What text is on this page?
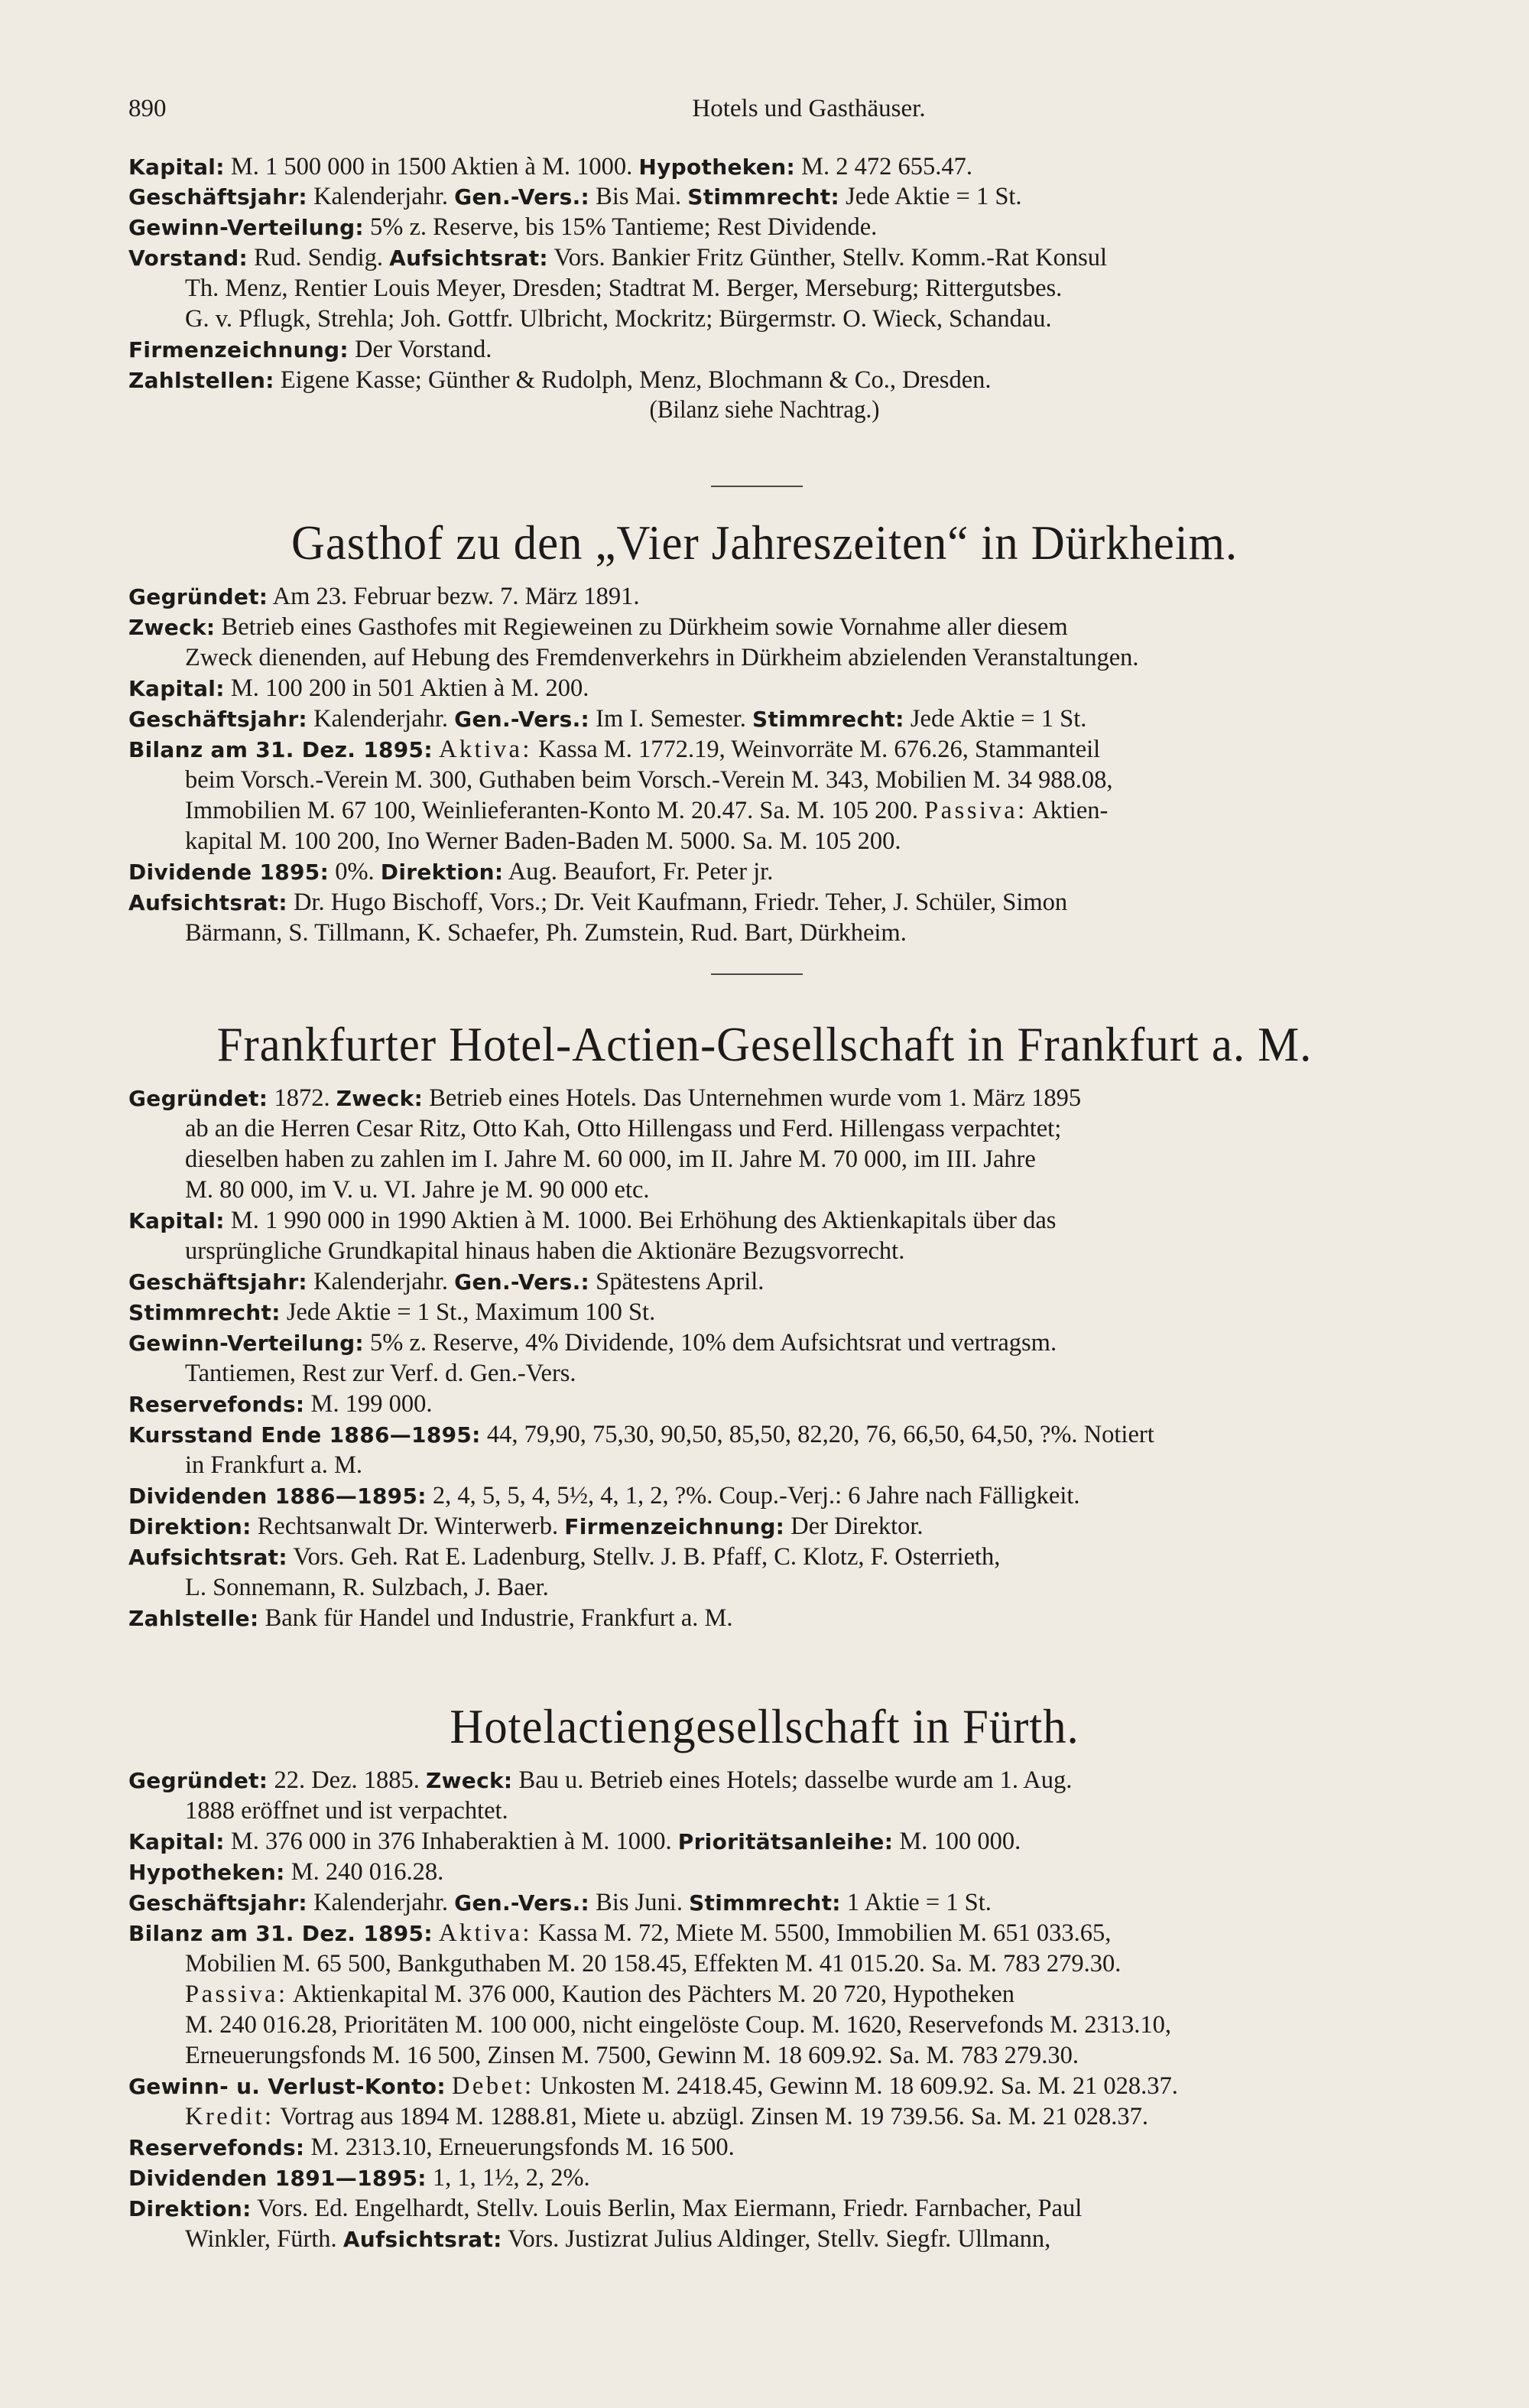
890	Hotels und Gasthäuser.
Kapital: M. 1 500 000 in 1500 Aktien à M. 1000. Hypotheken: M. 2 472 655.47.
Geschäftsjahr: Kalenderjahr. Gen.-Vers.: Bis Mai. Stimmrecht: Jede Aktie = 1 St.
Gewinn-Verteilung: 5% z. Reserve, bis 15% Tantieme; Rest Dividende.
Vorstand: Rud. Sendig. Aufsichtsrat: Vors. Bankier Fritz Günther, Stellv. Komm.-Rat Konsul
Th. Menz, Rentier Louis Meyer, Dresden; Stadtrat M. Berger, Merseburg; Rittergutsbes.
G. v. Pflugk, Strehla; Joh. Gottfr. Ulbricht, Mockritz; Bürgermstr. O. Wieck, Schandau.
Firmenzeichnung: Der Vorstand.
Zahlstellen: Eigene Kasse; Günther & Rudolph, Menz, Blochmann & Co., Dresden.
(Bilanz siehe Nachtrag.)
Gasthof zu den „Vier Jahreszeiten“ in Dürkheim.
Gegründet: Am 23. Februar bezw. 7. März 1891.
Zweck: Betrieb eines Gasthofes mit Regieweinen zu Dürkheim sowie Vornahme aller diesem
Zweck dienenden, auf Hebung des Fremdenverkehrs in Dürkheim abzielenden Veranstaltungen.
Kapital: M. 100 200 in 501 Aktien à M. 200.
Geschäftsjahr: Kalenderjahr. Gen.-Vers.: Im I. Semester. Stimmrecht: Jede Aktie = 1 St.
Bilanz am 31. Dez. 1895: Aktiva: Kassa M. 1772.19, Weinvorräte M. 676.26, Stammanteil
beim Vorsch.-Verein M. 300, Guthaben beim Vorsch.-Verein M. 343, Mobilien M. 34 988.08,
Immobilien M. 67 100, Weinlieferanten-Konto M. 20.47. Sa. M. 105 200. Passiva: Aktien-
kapital M. 100 200, Ino Werner Baden-Baden M. 5000. Sa. M. 105 200.
Dividende 1895: 0%. Direktion: Aug. Beaufort, Fr. Peter jr.
Aufsichtsrat: Dr. Hugo Bischoff, Vors.; Dr. Veit Kaufmann, Friedr. Teher, J. Schüler, Simon
Bärmann, S. Tillmann, K. Schaefer, Ph. Zumstein, Rud. Bart, Dürkheim.
Frankfurter Hotel-Actien-Gesellschaft in Frankfurt a. M.
Gegründet: 1872. Zweck: Betrieb eines Hotels. Das Unternehmen wurde vom 1. März 1895
ab an die Herren Cesar Ritz, Otto Kah, Otto Hillengass und Ferd. Hillengass verpachtet;
dieselben haben zu zahlen im I. Jahre M. 60 000, im II. Jahre M. 70 000, im III. Jahre
M. 80 000, im V. u. VI. Jahre je M. 90 000 etc.
Kapital: M. 1 990 000 in 1990 Aktien à M. 1000. Bei Erhöhung des Aktienkapitals über das
ursprüngliche Grundkapital hinaus haben die Aktionäre Bezugsvorrecht.
Geschäftsjahr: Kalenderjahr. Gen.-Vers.: Spätestens April.
Stimmrecht: Jede Aktie = 1 St., Maximum 100 St.
Gewinn-Verteilung: 5% z. Reserve, 4% Dividende, 10% dem Aufsichtsrat und vertragsm.
Tantiemen, Rest zur Verf. d. Gen.-Vers.
Reservefonds: M. 199 000.
Kursstand Ende 1886—1895: 44, 79,90, 75,30, 90,50, 85,50, 82,20, 76, 66,50, 64,50, ?%. Notiert
in Frankfurt a. M.
Dividenden 1886—1895: 2, 4, 5, 5, 4, 5½, 4, 1, 2, ?%. Coup.-Verj.: 6 Jahre nach Fälligkeit.
Direktion: Rechtsanwalt Dr. Winterwerb. Firmenzeichnung: Der Direktor.
Aufsichtsrat: Vors. Geh. Rat E. Ladenburg, Stellv. J. B. Pfaff, C. Klotz, F. Osterrieth,
L. Sonnemann, R. Sulzbach, J. Baer.
Zahlstelle: Bank für Handel und Industrie, Frankfurt a. M.
Hotelactiengesellschaft in Fürth.
Gegründet: 22. Dez. 1885. Zweck: Bau u. Betrieb eines Hotels; dasselbe wurde am 1. Aug.
1888 eröffnet und ist verpachtet.
Kapital: M. 376 000 in 376 Inhaberaktien à M. 1000. Prioritätsanleihe: M. 100 000.
Hypotheken: M. 240 016.28.
Geschäftsjahr: Kalenderjahr. Gen.-Vers.: Bis Juni. Stimmrecht: 1 Aktie = 1 St.
Bilanz am 31. Dez. 1895: Aktiva: Kassa M. 72, Miete M. 5500, Immobilien M. 651 033.65,
Mobilien M. 65 500, Bankguthaben M. 20 158.45, Effekten M. 41 015.20. Sa. M. 783 279.30.
Passiva: Aktienkapital M. 376 000, Kaution des Pächters M. 20 720, Hypotheken
M. 240 016.28, Prioritäten M. 100 000, nicht eingelöste Coup. M. 1620, Reservefonds M. 2313.10,
Erneuerungsfonds M. 16 500, Zinsen M. 7500, Gewinn M. 18 609.92. Sa. M. 783 279.30.
Gewinn- u. Verlust-Konto: Debet: Unkosten M. 2418.45, Gewinn M. 18 609.92. Sa. M. 21 028.37.
Kredit: Vortrag aus 1894 M. 1288.81, Miete u. abzügl. Zinsen M. 19 739.56. Sa. M. 21 028.37.
Reservefonds: M. 2313.10, Erneuerungsfonds M. 16 500.
Dividenden 1891—1895: 1, 1, 1½, 2, 2%.
Direktion: Vors. Ed. Engelhardt, Stellv. Louis Berlin, Max Eiermann, Friedr. Farnbacher, Paul
Winkler, Fürth. Aufsichtsrat: Vors. Justizrat Julius Aldinger, Stellv. Siegfr. Ullmann,
